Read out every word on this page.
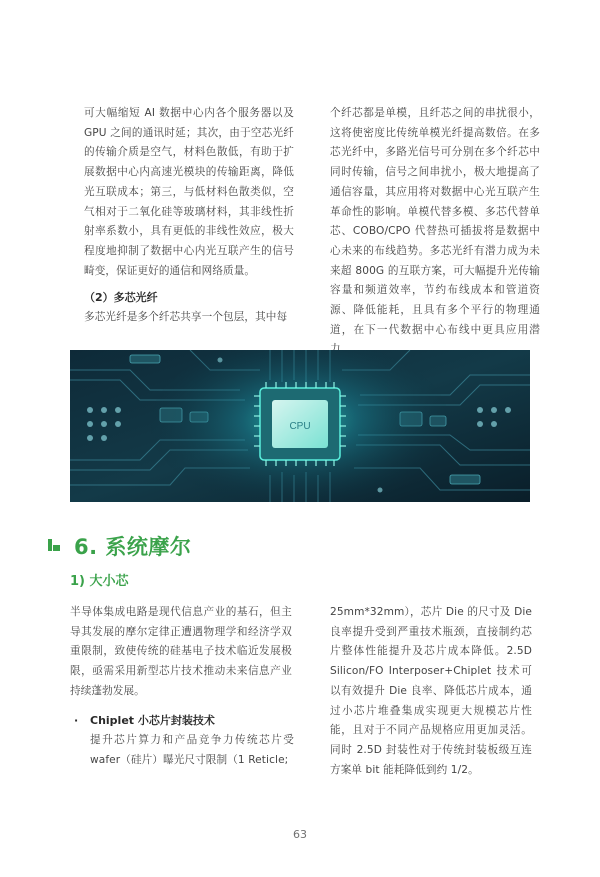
可大幅缩短 AI 数据中心内各个服务器以及 GPU 之间的通讯时延；其次，由于空芯光纤的传输介质是空气，材料色散低，有助于扩展数据中心内高速光模块的传输距离，降低光互联成本；第三，与低材料色散类似，空气相对于二氧化硅等玻璃材料，其非线性折射率系数小，具有更低的非线性效应，极大程度地抑制了数据中心内光互联产生的信号畸变，保证更好的通信和网络质量。

（2）多芯光纤

多芯光纤是多个纤芯共享一个包层，其中每

个纤芯都是单模，且纤芯之间的串扰很小，这将使密度比传统单模光纤提高数倍。在多芯光纤中，多路光信号可分别在多个纤芯中同时传输，信号之间串扰小，极大地提高了通信容量，其应用将对数据中心光互联产生革命性的影响。单模代替多模、多芯代替单芯、COBO/CPO 代替热可插拔将是数据中心未来的布线趋势。多芯光纤有潜力成为未来超 800G 的互联方案，可大幅提升光传输容量和频道效率，节约布线成本和管道资源、降低能耗，且具有多个平行的物理通道，在下一代数据中心布线中更具应用潜

CPU
6. 系统摩尔
1) 大小芯

半导体集成电路是现代信息产业的基石，但主导其发展的摩尔定律正遭遇物理学和经济学双重限制，致使传统的硅基电子技术临近发展极限，亟需采用新型芯片技术推动未来信息产业持续蓬勃发展。

· Chiplet 小芯片封装技术

提升芯片算力和产品竞争力传统芯片受 wafer（硅片）曝光尺寸限制（1 Reticle;

25mm*32mm），芯片 Die 的尺寸及 Die 良率提升受到严重技术瓶颈，直接制约芯片整体性能提升及芯片成本降低。2.5D Silicon/FO Interposer+Chiplet 技术可以有效提升 Die 良率、降低芯片成本，通过小芯片堆叠集成实现更大规模芯片性能，且对于不同产品规格应用更加灵活。同时 2.5D 封装性对于传统封装板级互连方案单 bit 能耗降低到约 1/2。

63
